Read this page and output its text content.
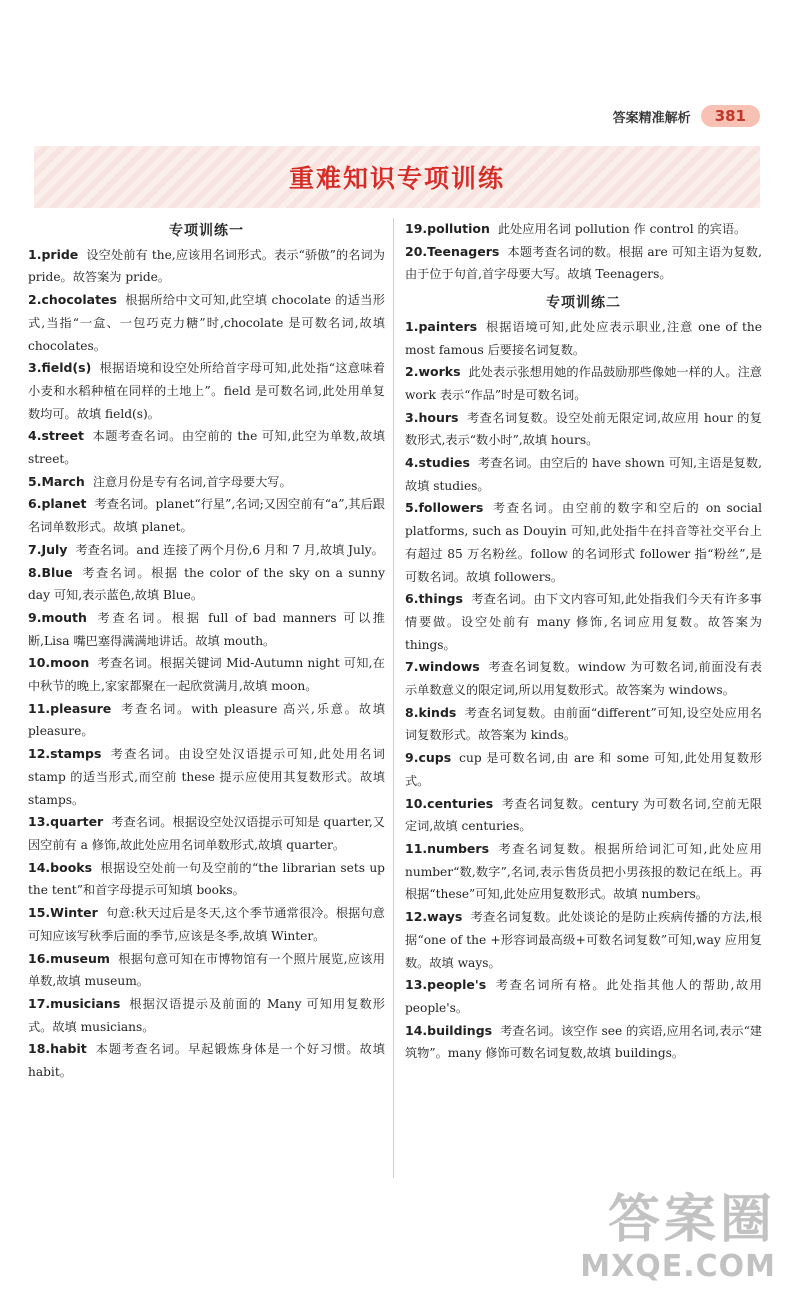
答案精准解析	381
重难知识专项训练
专项训练一

1.pride 设空处前有 the,应该用名词形式。表示“骄傲”的名词为 pride。故答案为 pride。

2.chocolates 根据所给中文可知,此空填 chocolate 的适当形式,当指“一盒、一包巧克力糖”时,chocolate 是可数名词,故填 chocolates。

3.field(s) 根据语境和设空处所给首字母可知,此处指“这意味着小麦和水稻种植在同样的土地上”。field 是可数名词,此处用单复数均可。故填 field(s)。

4.street 本题考查名词。由空前的 the 可知,此空为单数,故填 street。

5.March 注意月份是专有名词,首字母要大写。

6.planet 考查名词。planet“行星”,名词;又因空前有“a”,其后跟名词单数形式。故填 planet。

7.July 考查名词。and 连接了两个月份,6 月和 7 月,故填 July。

8.Blue 考查名词。根据 the color of the sky on a sunny day 可知,表示蓝色,故填 Blue。

9.mouth 考查名词。根据 full of bad manners 可以推断,Lisa 嘴巴塞得满满地讲话。故填 mouth。

10.moon 考查名词。根据关键词 Mid-Autumn night 可知,在中秋节的晚上,家家都聚在一起欣赏满月,故填 moon。

11.pleasure 考查名词。with pleasure 高兴,乐意。故填 pleasure。

12.stamps 考查名词。由设空处汉语提示可知,此处用名词 stamp 的适当形式,而空前 these 提示应使用其复数形式。故填 stamps。

13.quarter 考查名词。根据设空处汉语提示可知是 quarter,又因空前有 a 修饰,故此处应用名词单数形式,故填 quarter。

14.books 根据设空处前一句及空前的“the librarian sets up the tent”和首字母提示可知填 books。

15.Winter 句意:秋天过后是冬天,这个季节通常很冷。根据句意可知应该写秋季后面的季节,应该是冬季,故填 Winter。

16.museum 根据句意可知在市博物馆有一个照片展览,应该用单数,故填 museum。

17.musicians 根据汉语提示及前面的 Many 可知用复数形式。故填 musicians。

18.habit 本题考查名词。早起锻炼身体是一个好习惯。故填 habit。

19.pollution 此处应用名词 pollution 作 control 的宾语。

20.Teenagers 本题考查名词的数。根据 are 可知主语为复数,由于位于句首,首字母要大写。故填 Teenagers。

专项训练二

1.painters 根据语境可知,此处应表示职业,注意 one of the most famous 后要接名词复数。

2.works 此处表示张想用她的作品鼓励那些像她一样的人。注意 work 表示“作品”时是可数名词。

3.hours 考查名词复数。设空处前无限定词,故应用 hour 的复数形式,表示“数小时”,故填 hours。

4.studies 考查名词。由空后的 have shown 可知,主语是复数,故填 studies。

5.followers 考查名词。由空前的数字和空后的 on social platforms, such as Douyin 可知,此处指牛在抖音等社交平台上有超过 85 万名粉丝。follow 的名词形式 follower 指“粉丝”,是可数名词。故填 followers。

6.things 考查名词。由下文内容可知,此处指我们今天有许多事情要做。设空处前有 many 修饰,名词应用复数。故答案为 things。

7.windows 考查名词复数。window 为可数名词,前面没有表示单数意义的限定词,所以用复数形式。故答案为 windows。

8.kinds 考查名词复数。由前面“different”可知,设空处应用名词复数形式。故答案为 kinds。

9.cups cup 是可数名词,由 are 和 some 可知,此处用复数形式。

10.centuries 考查名词复数。century 为可数名词,空前无限定词,故填 centuries。

11.numbers 考查名词复数。根据所给词汇可知,此处应用 number“数,数字”,名词,表示售货员把小男孩报的数记在纸上。再根据“these”可知,此处应用复数形式。故填 numbers。

12.ways 考查名词复数。此处谈论的是防止疾病传播的方法,根据“one of the +形容词最高级+可数名词复数”可知,way 应用复数。故填 ways。

13.people's 考查名词所有格。此处指其他人的帮助,故用 people's。

14.buildings 考查名词。该空作 see 的宾语,应用名词,表示“建筑物”。many 修饰可数名词复数,故填 buildings。

答案圈
MXQE.COM
